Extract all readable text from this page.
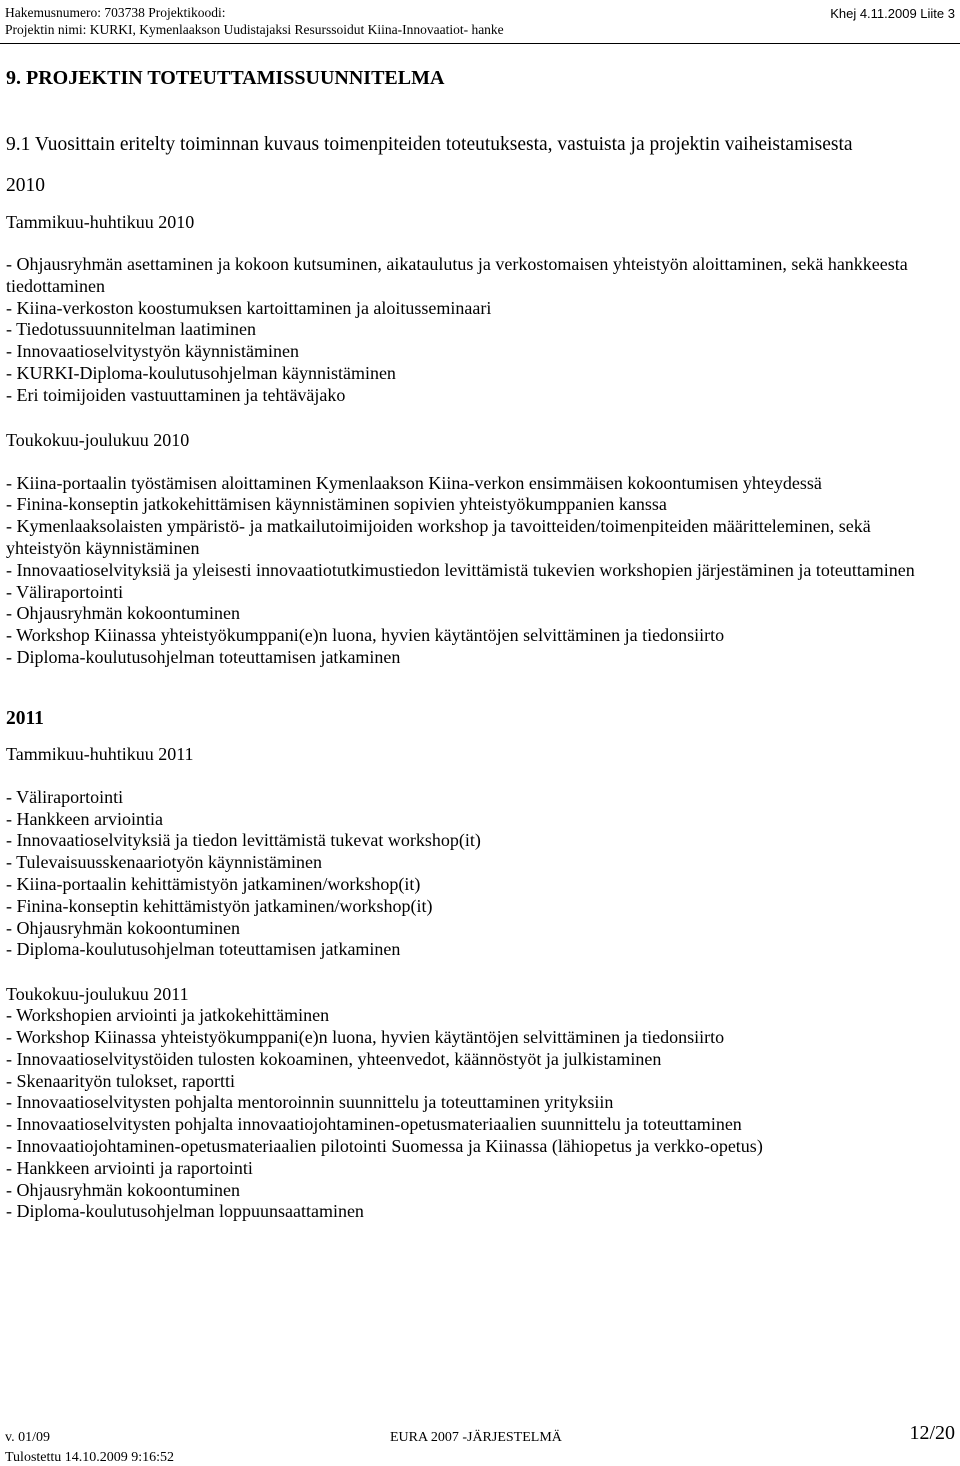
Hakemusnumero: 703738 Projektikoodi:
Projektin nimi: KURKI, Kymenlaakson Uudistajaksi Resurssoidut Kiina-Innovaatiot- hanke
Khej 4.11.2009 Liite 3
9. PROJEKTIN TOTEUTTAMISSUUNNITELMA
9.1 Vuosittain eritelty toiminnan kuvaus toimenpiteiden toteutuksesta, vastuista ja projektin vaiheistamisesta
2010
Tammikuu-huhtikuu 2010
- Ohjausryhmän asettaminen ja kokoon kutsuminen, aikataulutus ja verkostomaisen yhteistyön aloittaminen, sekä hankkeesta tiedottaminen
- Kiina-verkoston koostumuksen kartoittaminen ja aloitusseminaari
- Tiedotussuunnitelman laatiminen
- Innovaatioselvitystyön käynnistäminen
- KURKI-Diploma-koulutusohjelman käynnistäminen
- Eri toimijoiden vastuuttaminen ja tehtäväjako
Toukokuu-joulukuu 2010
- Kiina-portaalin työstämisen aloittaminen Kymenlaakson Kiina-verkon ensimmäisen kokoontumisen yhteydessä
- Finina-konseptin jatkokehittämisen käynnistäminen sopivien yhteistyökumppanien kanssa
- Kymenlaaksolaisten ympäristö- ja matkailutoimijoiden workshop ja tavoitteiden/toimenpiteiden määritteleminen, sekä yhteistyön käynnistäminen
- Innovaatioselvityksiä ja yleisesti innovaatiotutkimustiedon levittämistä tukevien workshopien järjestäminen ja toteuttaminen
- Väliraportointi
- Ohjausryhmän kokoontuminen
- Workshop Kiinassa yhteistyökumppani(e)n luona, hyvien käytäntöjen selvittäminen ja tiedonsiirto
- Diploma-koulutusohjelman toteuttamisen jatkaminen
2011
Tammikuu-huhtikuu 2011
- Väliraportointi
- Hankkeen arviointia
- Innovaatioselvityksiä ja tiedon levittämistä tukevat workshop(it)
- Tulevaisuusskenaariotyön käynnistäminen
- Kiina-portaalin kehittämistyön jatkaminen/workshop(it)
- Finina-konseptin kehittämistyön jatkaminen/workshop(it)
- Ohjausryhmän kokoontuminen
- Diploma-koulutusohjelman toteuttamisen jatkaminen
Toukokuu-joulukuu 2011
- Workshopien arviointi ja jatkokehittäminen
- Workshop Kiinassa yhteistyökumppani(e)n luona, hyvien käytäntöjen selvittäminen ja tiedonsiirto
- Innovaatioselvitystöiden tulosten kokoaminen, yhteenvedot, käännöstyöt ja julkistaminen
- Skenaarityön tulokset, raportti
- Innovaatioselvitysten pohjalta mentoroinnin suunnittelu ja toteuttaminen yrityksiin
- Innovaatioselvitysten pohjalta innovaatiojohtaminen-opetusmateriaalien suunnittelu ja toteuttaminen
- Innovaatiojohtaminen-opetusmateriaalien pilotointi Suomessa ja Kiinassa (lähiopetus ja verkko-opetus)
- Hankkeen arviointi ja raportointi
- Ohjausryhmän kokoontuminen
- Diploma-koulutusohjelman loppuunsaattaminen
v. 01/09	EURA 2007 -JÄRJESTELMÄ	12/20
Tulostettu 14.10.2009 9:16:52
